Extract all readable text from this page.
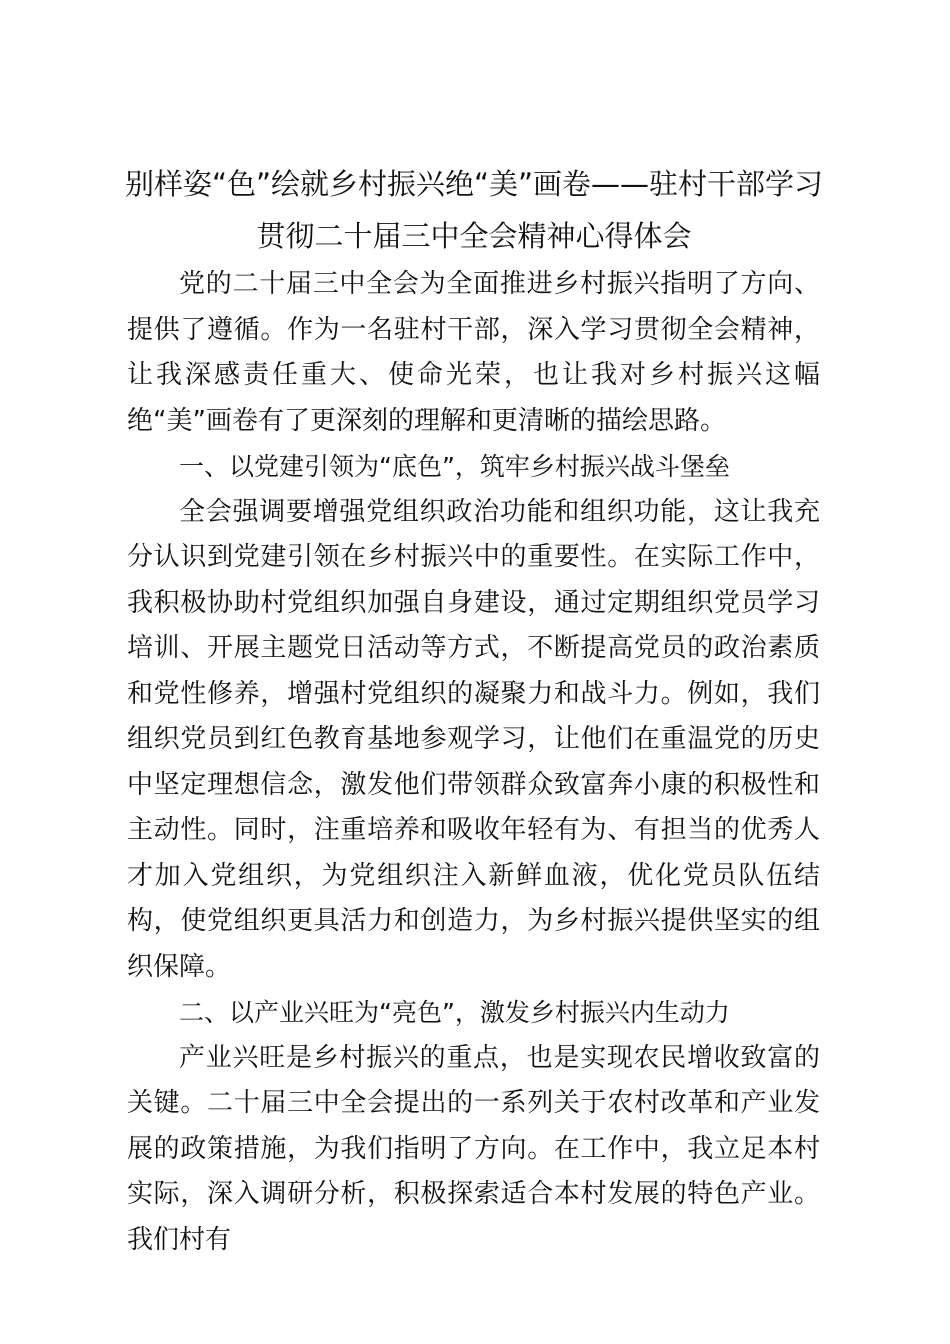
别样姿“色”绘就乡村振兴绝“美”画卷——驻村干部学习
贯彻二十届三中全会精神心得体会

党的二十届三中全会为全面推进乡村振兴指明了方向、提供了遵循。作为一名驻村干部，深入学习贯彻全会精神，让我深感责任重大、使命光荣，也让我对乡村振兴这幅绝“美”画卷有了更深刻的理解和更清晰的描绘思路。

一、以党建引领为“底色”，筑牢乡村振兴战斗堡垒

全会强调要增强党组织政治功能和组织功能，这让我充分认识到党建引领在乡村振兴中的重要性。在实际工作中，我积极协助村党组织加强自身建设，通过定期组织党员学习培训、开展主题党日活动等方式，不断提高党员的政治素质和党性修养，增强村党组织的凝聚力和战斗力。例如，我们组织党员到红色教育基地参观学习，让他们在重温党的历史中坚定理想信念，激发他们带领群众致富奔小康的积极性和主动性。同时，注重培养和吸收年轻有为、有担当的优秀人才加入党组织，为党组织注入新鲜血液，优化党员队伍结构，使党组织更具活力和创造力，为乡村振兴提供坚实的组织保障。

二、以产业兴旺为“亮色”，激发乡村振兴内生动力

产业兴旺是乡村振兴的重点，也是实现农民增收致富的关键。二十届三中全会提出的一系列关于农村改革和产业发展的政策措施，为我们指明了方向。在工作中，我立足本村实际，深入调研分析，积极探索适合本村发展的特色产业。我们村有
